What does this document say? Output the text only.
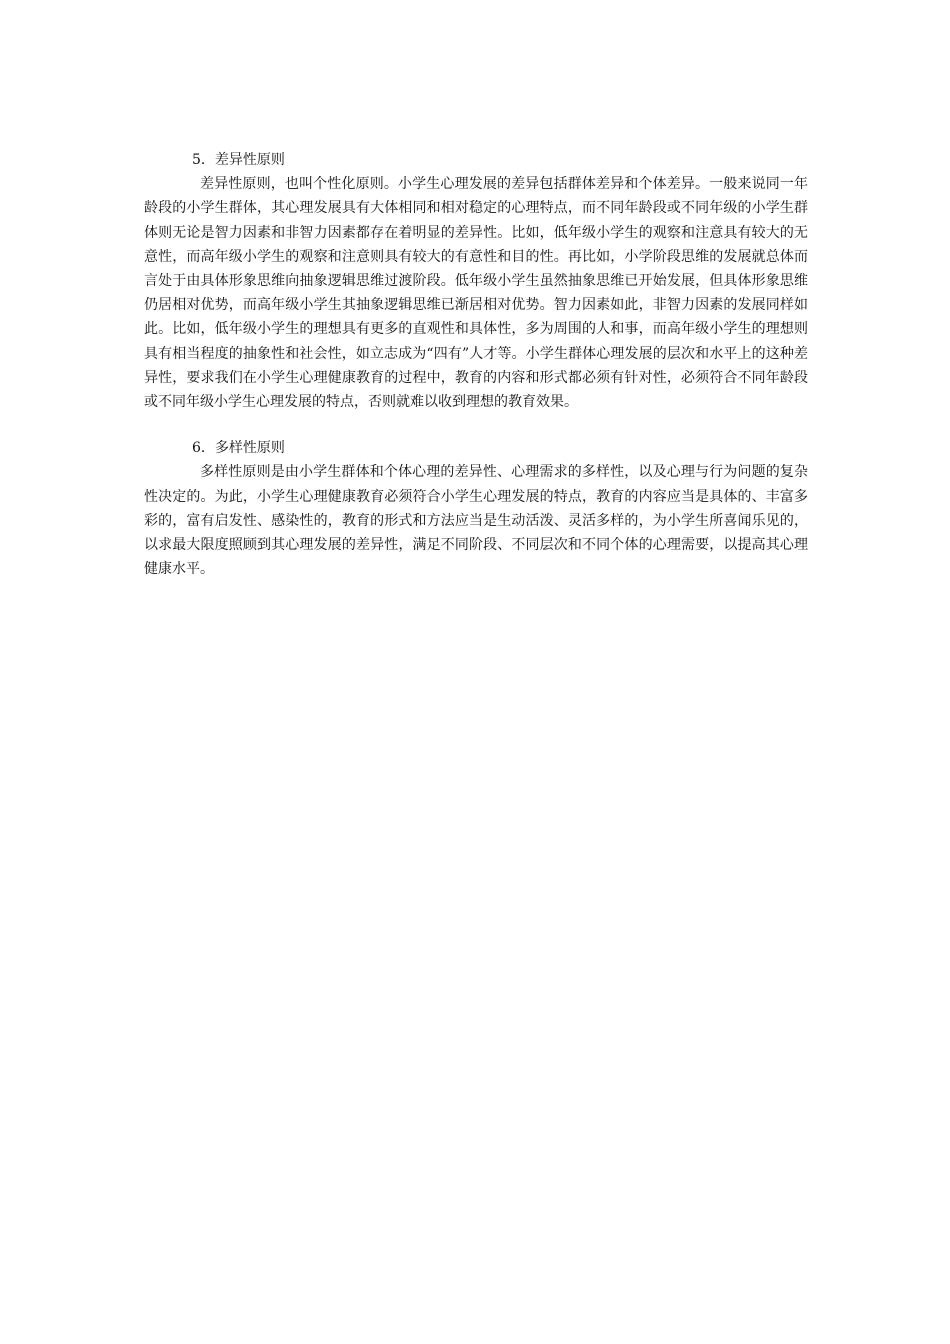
5．差异性原则

差异性原则，也叫个性化原则。小学生心理发展的差异包括群体差异和个体差异。一般来说同一年龄段的小学生群体，其心理发展具有大体相同和相对稳定的心理特点，而不同年龄段或不同年级的小学生群体则无论是智力因素和非智力因素都存在着明显的差异性。比如，低年级小学生的观察和注意具有较大的无意性，而高年级小学生的观察和注意则具有较大的有意性和目的性。再比如，小学阶段思维的发展就总体而言处于由具体形象思维向抽象逻辑思维过渡阶段。低年级小学生虽然抽象思维已开始发展，但具体形象思维仍居相对优势，而高年级小学生其抽象逻辑思维已渐居相对优势。智力因素如此，非智力因素的发展同样如此。比如，低年级小学生的理想具有更多的直观性和具体性，多为周围的人和事，而高年级小学生的理想则具有相当程度的抽象性和社会性，如立志成为“四有”人才等。小学生群体心理发展的层次和水平上的这种差异性，要求我们在小学生心理健康教育的过程中，教育的内容和形式都必须有针对性，必须符合不同年龄段或不同年级小学生心理发展的特点，否则就难以收到理想的教育效果。

6．多样性原则

多样性原则是由小学生群体和个体心理的差异性、心理需求的多样性，以及心理与行为问题的复杂性决定的。为此，小学生心理健康教育必须符合小学生心理发展的特点，教育的内容应当是具体的、丰富多彩的，富有启发性、感染性的，教育的形式和方法应当是生动活泼、灵活多样的，为小学生所喜闻乐见的，以求最大限度照顾到其心理发展的差异性，满足不同阶段、不同层次和不同个体的心理需要，以提高其心理健康水平。
